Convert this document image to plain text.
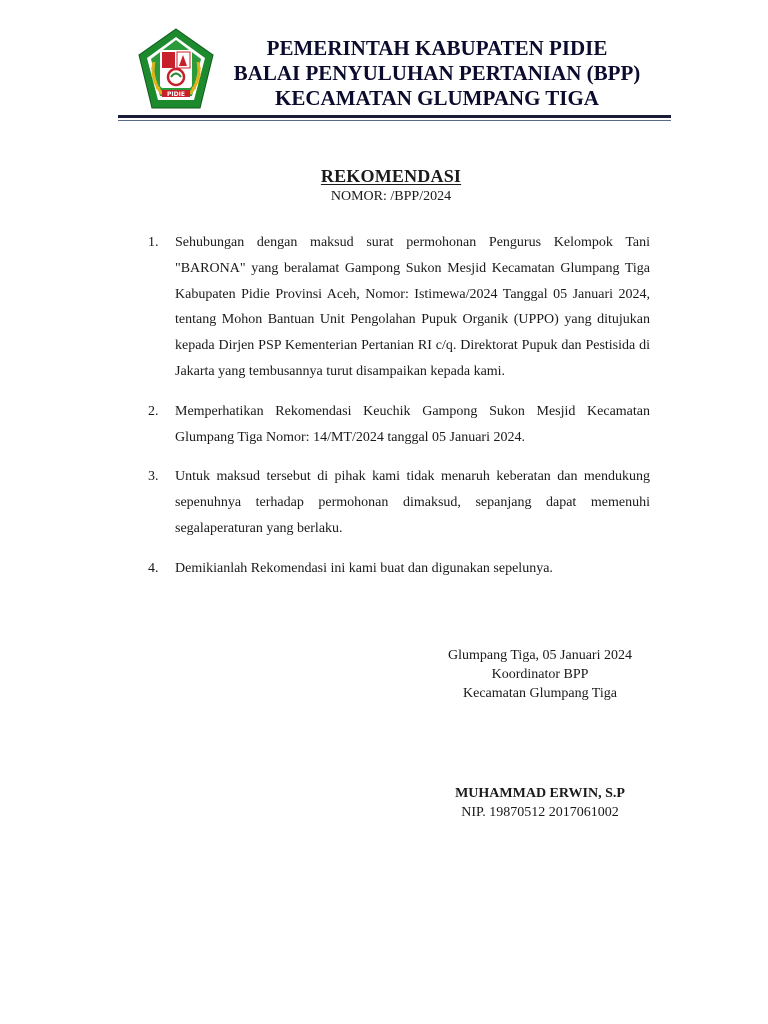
PIDIE
PEMERINTAH KABUPATEN PIDIE
BALAI PENYULUHAN PERTANIAN (BPP)
KECAMATAN GLUMPANG TIGA
REKOMENDASI
NOMOR: /BPP/2024
1.	Sehubungan dengan maksud surat permohonan Pengurus Kelompok Tani "BARONA" yang beralamat Gampong Sukon Mesjid Kecamatan Glumpang Tiga Kabupaten Pidie Provinsi Aceh, Nomor: Istimewa/2024 Tanggal 05 Januari 2024, tentang Mohon Bantuan Unit Pengolahan Pupuk Organik (UPPO) yang ditujukan kepada Dirjen PSP Kementerian Pertanian RI c/q. Direktorat Pupuk dan Pestisida di Jakarta yang tembusannya turut disampaikan kepada kami.
2.	Memperhatikan Rekomendasi Keuchik Gampong Sukon Mesjid Kecamatan Glumpang Tiga Nomor: 14/MT/2024 tanggal 05 Januari 2024.
3.	Untuk maksud tersebut di pihak kami tidak menaruh keberatan dan mendukung sepenuhnya terhadap permohonan dimaksud, sepanjang dapat memenuhi segalaperaturan yang berlaku.
4.	Demikianlah Rekomendasi ini kami buat dan digunakan sepelunya.
Glumpang Tiga, 05 Januari 2024
Koordinator BPP
Kecamatan Glumpang Tiga
MUHAMMAD ERWIN, S.P
NIP. 19870512 2017061002
